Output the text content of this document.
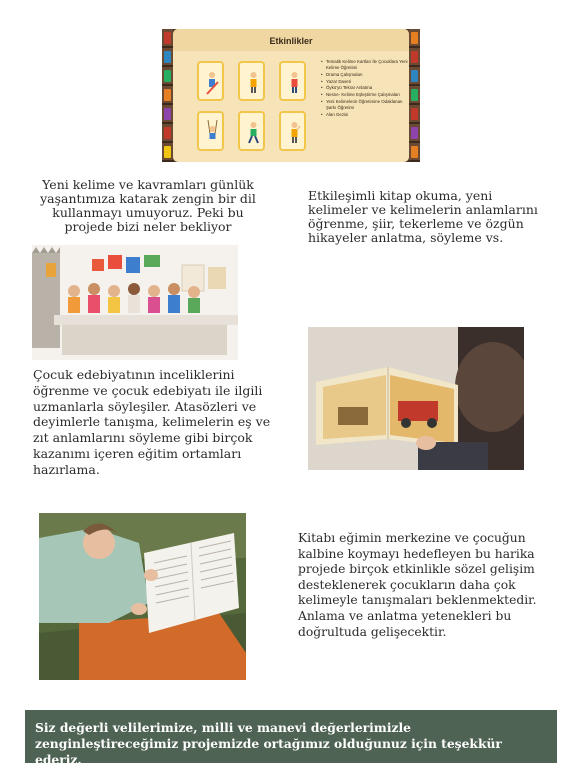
Etkinlikler
• Tematik Kelime Kartları İle Çocuklara Yeni Kelime Öğretimi
• Drama Çalışmaları
• Yazar Daveti
• Öykü'yü Tekrar Anlatma
• Nesne- Kelime Eşleştirme Çalışmaları
• Yeni Kelimelerin Öğretimine Odaklanan Şarkı Öğretimi
• Alan Gezisi

Yeni kelime ve kavramları günlük yaşantımıza katarak zengin bir dil kullanmayı umuyoruz. Peki bu projede bizi neler bekliyor

Etkileşimli kitap okuma, yeni kelimeler ve kelimelerin anlamlarını öğrenme, şiir, tekerleme ve özgün hikayeler anlatma, söyleme vs.

Çocuk edebiyatının inceliklerini öğrenme ve çocuk edebiyatı ile ilgili uzmanlarla söyleşiler. Atasözleri ve deyimlerle tanışma, kelimelerin eş ve zıt anlamlarını söyleme gibi birçok kazanımı içeren eğitim ortamları hazırlama.

Kitabı eğimin merkezine ve çocuğun kalbine koymayı hedefleyen bu harika projede birçok etkinlikle sözel gelişim desteklenerek çocukların daha çok kelimeyle tanışmaları beklenmektedir. Anlama ve anlatma yetenekleri bu doğrultuda gelişecektir.

Siz değerli velilerimize, milli ve manevi değerlerimizle zenginleştireceğimiz projemizde ortağımız olduğunuz için teşekkür ederiz.
